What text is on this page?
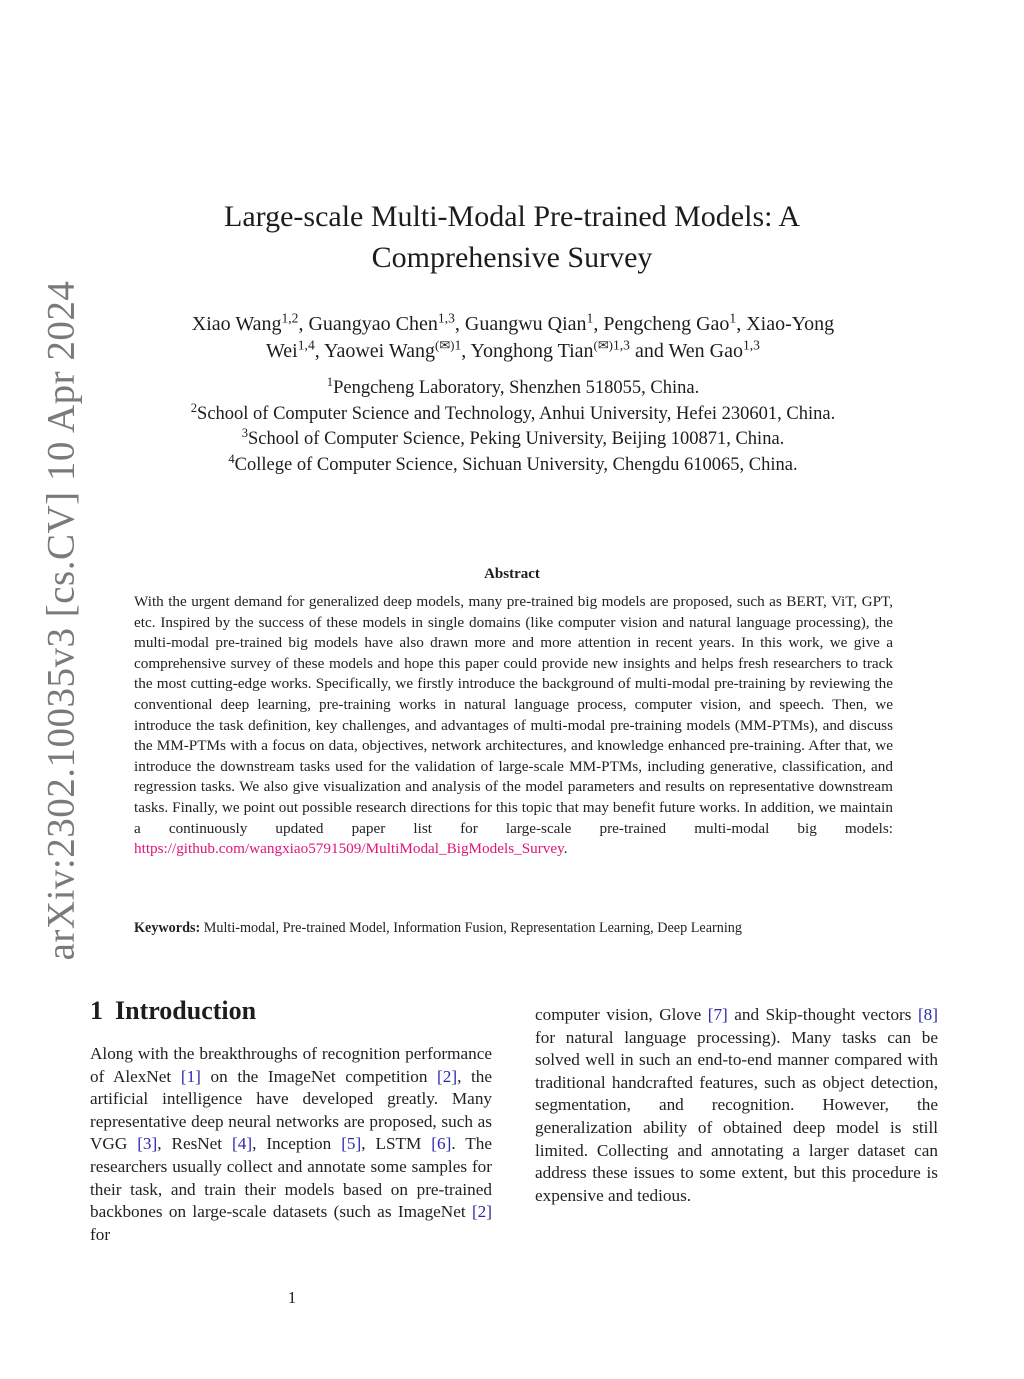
arXiv:2302.10035v3 [cs.CV] 10 Apr 2024
Large-scale Multi-Modal Pre-trained Models: A Comprehensive Survey
Xiao Wang$^{1,2}$, Guangyao Chen$^{1,3}$, Guangwu Qian$^1$, Pengcheng Gao$^1$, Xiao-Yong
Wei$^{1,4}$, Yaowei Wang$^{(✉)1}$, Yonghong Tian$^{(✉)1,3}$ and Wen Gao$^{1,3}$
$^1$Pengcheng Laboratory, Shenzhen 518055, China.
$^2$School of Computer Science and Technology, Anhui University, Hefei 230601, China.
$^3$School of Computer Science, Peking University, Beijing 100871, China.
$^4$College of Computer Science, Sichuan University, Chengdu 610065, China.
Abstract
With the urgent demand for generalized deep models, many pre-trained big models are proposed, such as BERT, ViT, GPT, etc. Inspired by the success of these models in single domains (like computer vision and natural language processing), the multi-modal pre-trained big models have also drawn more and more attention in recent years. In this work, we give a comprehensive survey of these models and hope this paper could provide new insights and helps fresh researchers to track the most cutting-edge works. Specifically, we firstly introduce the background of multi-modal pre-training by reviewing the conventional deep learning, pre-training works in natural language process, computer vision, and speech. Then, we introduce the task definition, key challenges, and advantages of multi-modal pre-training models (MM-PTMs), and discuss the MM-PTMs with a focus on data, objectives, network architectures, and knowledge enhanced pre-training. After that, we introduce the downstream tasks used for the validation of large-scale MM-PTMs, including generative, classification, and regression tasks. We also give visualization and analysis of the model parameters and results on representative downstream tasks. Finally, we point out possible research directions for this topic that may benefit future works. In addition, we maintain a continuously updated paper list for large-scale pre-trained multi-modal big models: https://github.com/wangxiao5791509/MultiModal_BigModels_Survey.
Keywords: Multi-modal, Pre-trained Model, Information Fusion, Representation Learning, Deep Learning
1 Introduction

Along with the breakthroughs of recognition performance of AlexNet [1] on the ImageNet competition [2], the artificial intelligence have developed greatly. Many representative deep neural networks are proposed, such as VGG [3], ResNet [4], Inception [5], LSTM [6]. The researchers usually collect and annotate some samples for their task, and train their models based on pre-trained backbones on large-scale datasets (such as ImageNet [2] for

computer vision, Glove [7] and Skip-thought vectors [8] for natural language processing). Many tasks can be solved well in such an end-to-end manner compared with traditional handcrafted features, such as object detection, segmentation, and recognition. However, the generalization ability of obtained deep model is still limited. Collecting and annotating a larger dataset can address these issues to some extent, but this procedure is expensive and tedious.

1
